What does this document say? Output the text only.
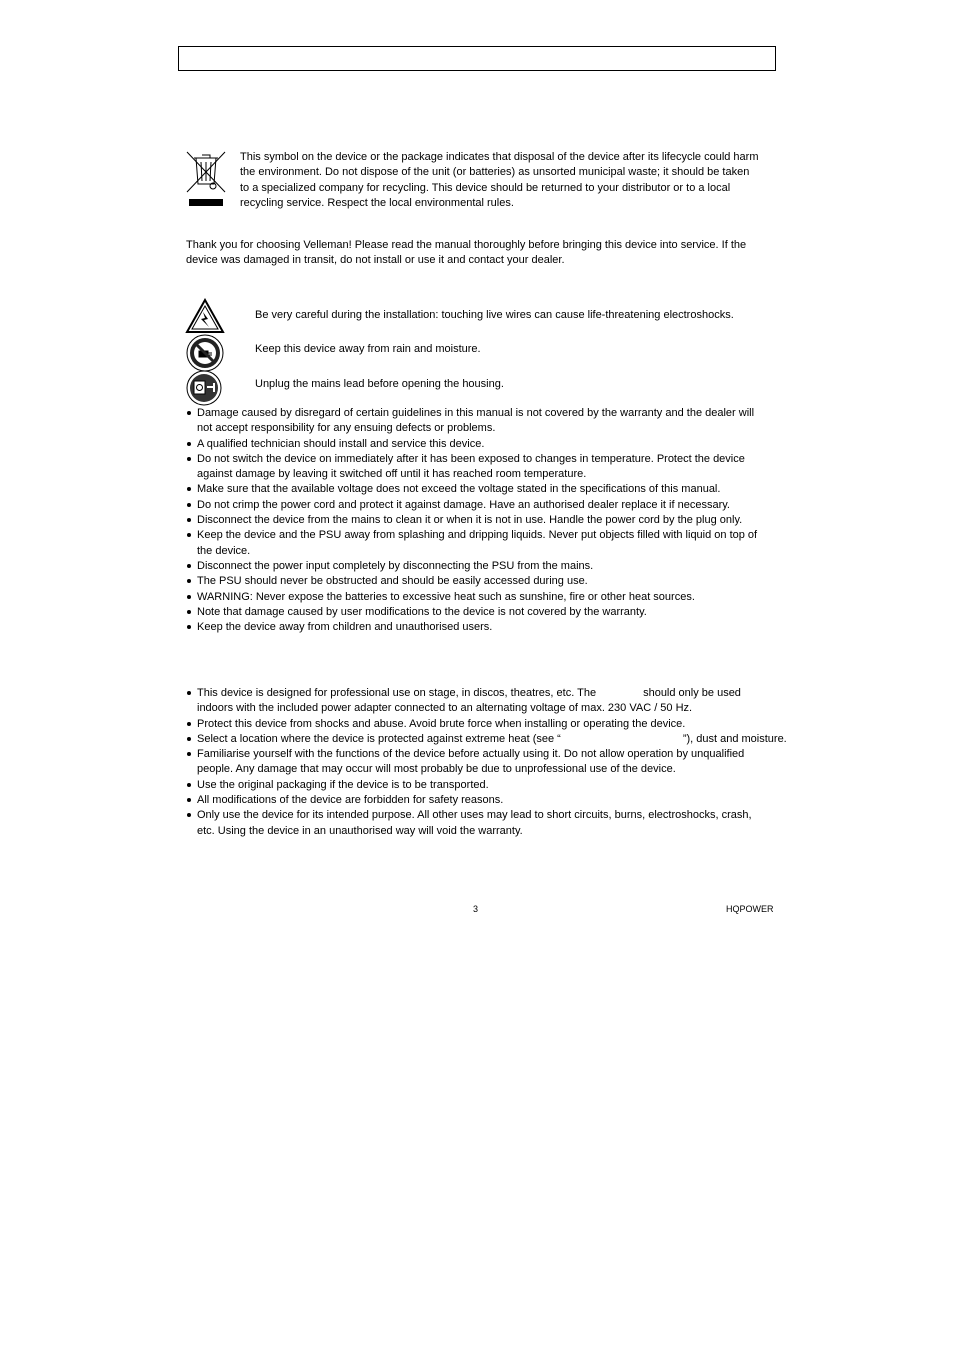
This symbol on the device or the package indicates that disposal of the device after its lifecycle could harm the environment. Do not dispose of the unit (or batteries) as unsorted municipal waste; it should be taken to a specialized company for recycling. This device should be returned to your distributor or to a local recycling service. Respect the local environmental rules.
Thank you for choosing Velleman! Please read the manual thoroughly before bringing this device into service. If the device was damaged in transit, do not install or use it and contact your dealer.
Be very careful during the installation: touching live wires can cause life-threatening electroshocks.
Keep this device away from rain and moisture.
Unplug the mains lead before opening the housing.
Damage caused by disregard of certain guidelines in this manual is not covered by the warranty and the dealer will not accept responsibility for any ensuing defects or problems.
A qualified technician should install and service this device.
Do not switch the device on immediately after it has been exposed to changes in temperature. Protect the device against damage by leaving it switched off until it has reached room temperature.
Make sure that the available voltage does not exceed the voltage stated in the specifications of this manual.
Do not crimp the power cord and protect it against damage. Have an authorised dealer replace it if necessary.
Disconnect the device from the mains to clean it or when it is not in use. Handle the power cord by the plug only.
Keep the device and the PSU away from splashing and dripping liquids. Never put objects filled with liquid on top of the device.
Disconnect the power input completely by disconnecting the PSU from the mains.
The PSU should never be obstructed and should be easily accessed during use.
WARNING: Never expose the batteries to excessive heat such as sunshine, fire or other heat sources.
Note that damage caused by user modifications to the device is not covered by the warranty.
Keep the device away from children and unauthorised users.
This device is designed for professional use on stage, in discos, theatres, etc. The	should only be used indoors with the included power adapter connected to an alternating voltage of max. 230 VAC / 50 Hz.
Protect this device from shocks and abuse. Avoid brute force when installing or operating the device.
Select a location where the device is protected against extreme heat (see “	”), dust and moisture.
Familiarise yourself with the functions of the device before actually using it. Do not allow operation by unqualified people. Any damage that may occur will most probably be due to unprofessional use of the device.
Use the original packaging if the device is to be transported.
All modifications of the device are forbidden for safety reasons.
Only use the device for its intended purpose. All other uses may lead to short circuits, burns, electroshocks, crash, etc. Using the device in an unauthorised way will void the warranty.
3	HQPOWER
